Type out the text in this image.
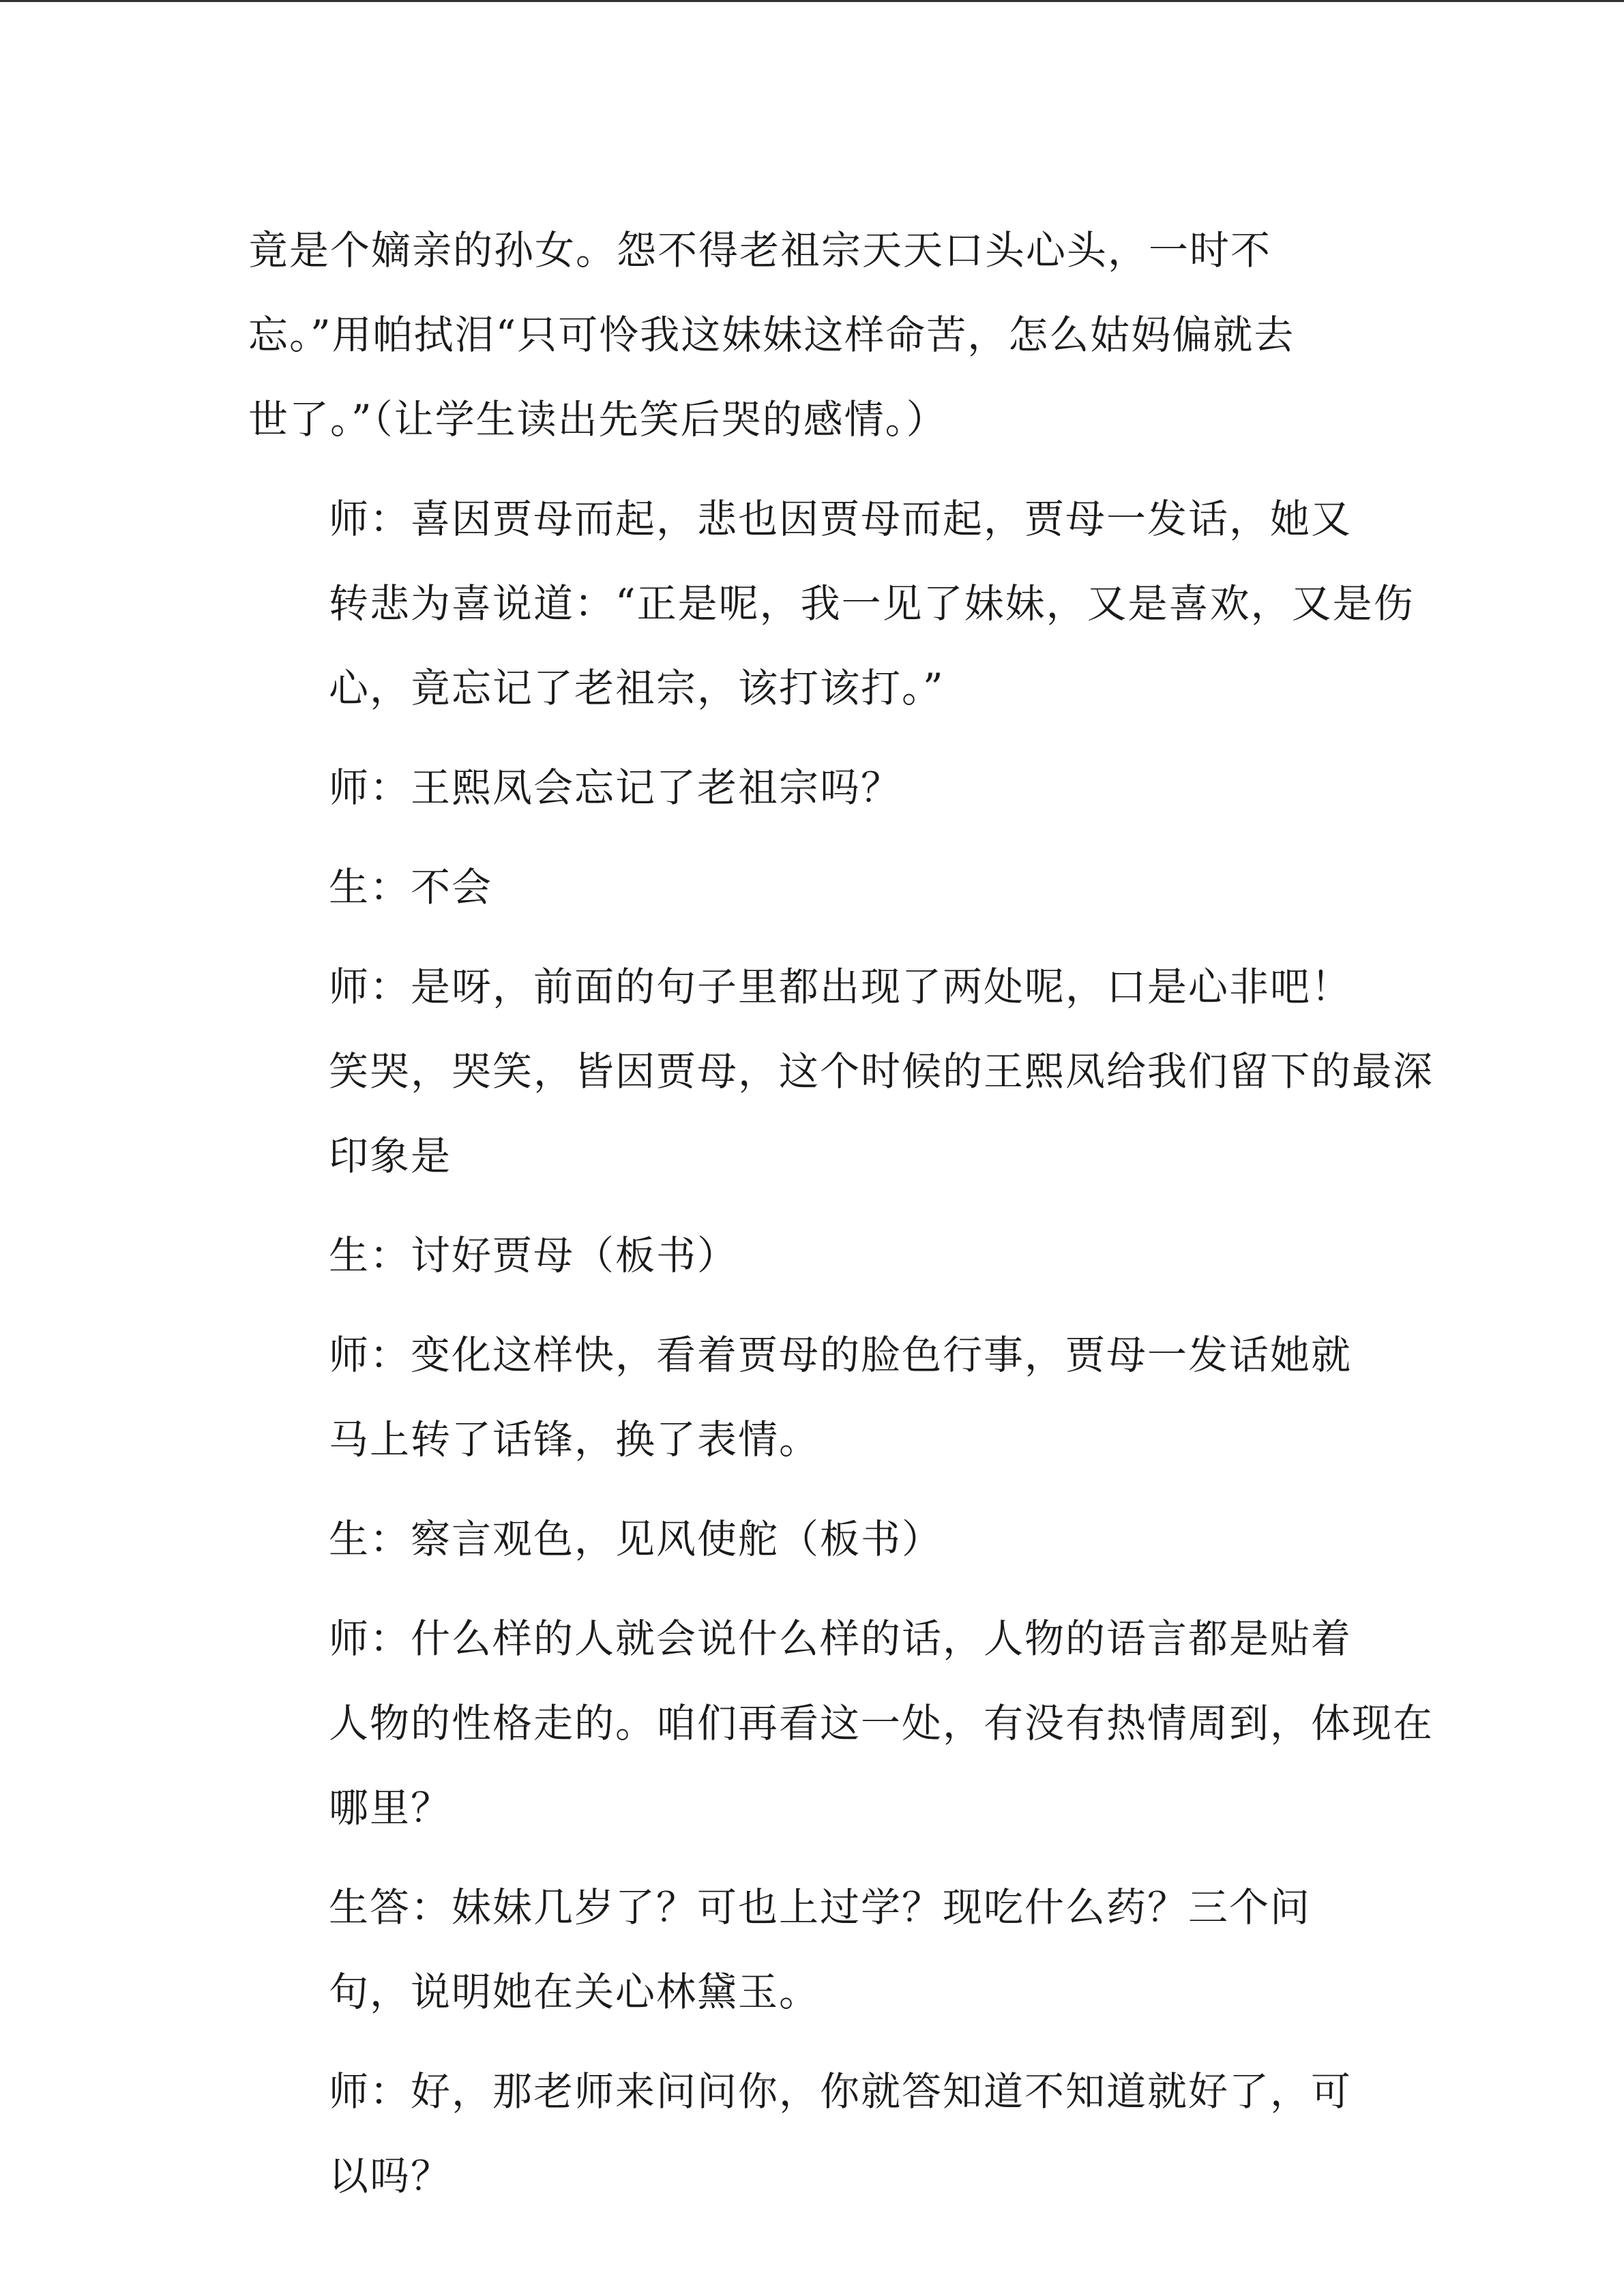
竟是个嫡亲的孙女。怨不得老祖宗天天口头心头，一时不
忘。”用帕拭泪“只可怜我这妹妹这样命苦，怎么姑妈偏就去
世了。”（让学生读出先笑后哭的感情。）

师：喜因贾母而起，悲也因贾母而起，贾母一发话，她又
转悲为喜说道：“正是呢，我一见了妹妹，又是喜欢，又是伤
心，竟忘记了老祖宗，该打该打。”

师：王熙凤会忘记了老祖宗吗？

生：不会

师：是呀，前面的句子里都出现了两处呢，口是心非吧！
笑哭，哭笑，皆因贾母，这个时候的王熙凤给我们留下的最深
印象是

生：讨好贾母（板书）

师：变化这样快，看着贾母的脸色行事，贾母一发话她就
马上转了话锋，换了表情。

生：察言观色，见风使舵（板书）

师：什么样的人就会说什么样的话，人物的语言都是贴着
人物的性格走的。咱们再看这一处，有没有热情周到，体现在
哪里？

生答：妹妹几岁了？可也上过学？现吃什么药？三个问
句，说明她在关心林黛玉。

师：好，那老师来问问你，你就答知道不知道就好了，可
以吗？
